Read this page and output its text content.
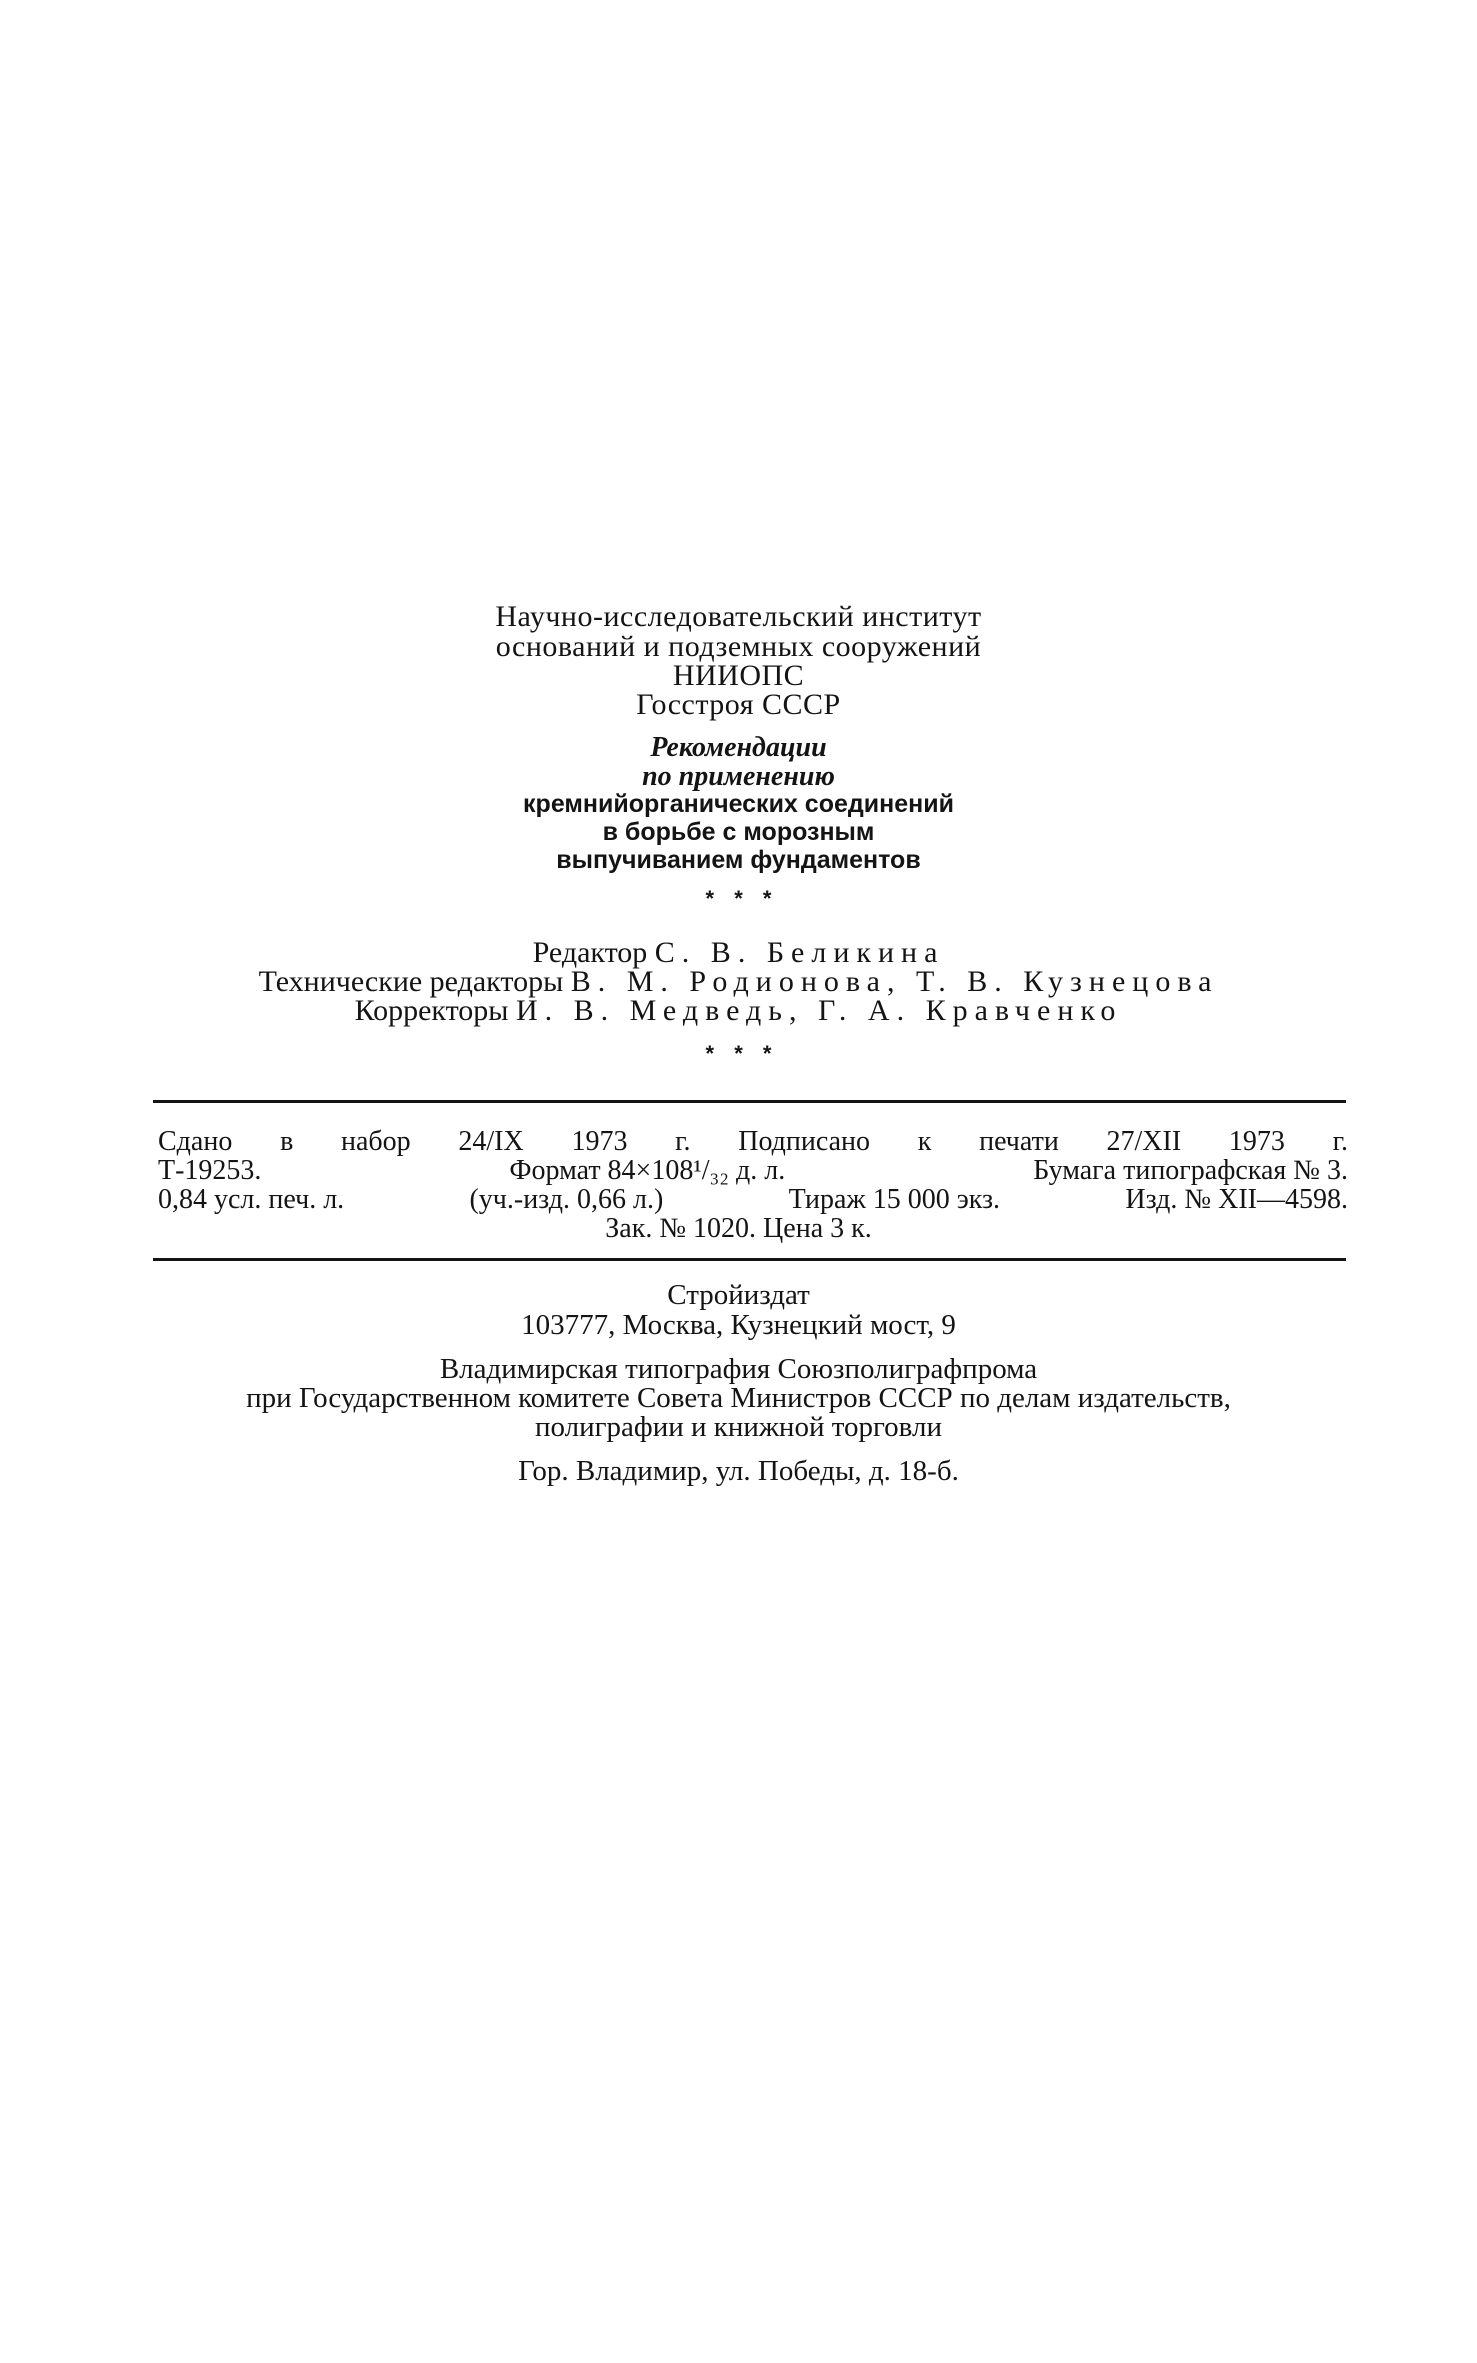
Научно-исследовательский институт
оснований и подземных сооружений
НИИОПС
Госстроя СССР
Рекомендации
по применению
кремнийорганических соединений
в борьбе с морозным
выпучиванием фундаментов
* * *
Редактор С. В. Беликина
Технические редакторы В. М. Родионова, Т. В. Кузнецова
Корректоры И. В. Медведь, Г. А. Кравченко
* * *
Сдано в набор 24/IX 1973 г. Подписано к печати 27/XII 1973 г.
Т-19253.	Формат 84×108¹/₃₂ д. л.	Бумага типографская № 3.
0,84 усл. печ. л.	(уч.-изд. 0,66 л.)	Тираж 15 000 экз.	Изд. № XII—4598.
Зак. № 1020. Цена 3 к.
Стройиздат
103777, Москва, Кузнецкий мост, 9
Владимирская типография Союзполиграфпрома
при Государственном комитете Совета Министров СССР по делам издательств,
полиграфии и книжной торговли
Гор. Владимир, ул. Победы, д. 18-б.
